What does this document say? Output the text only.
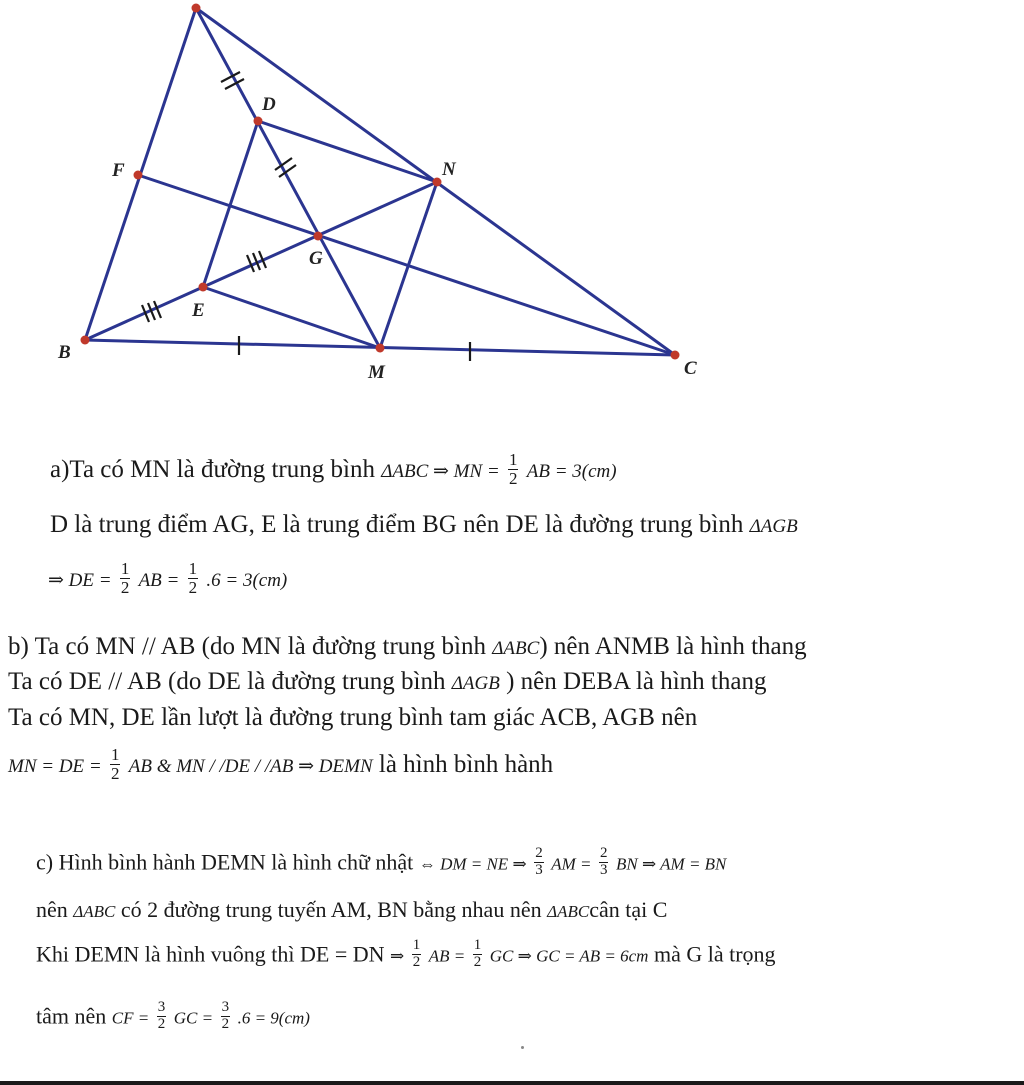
B
C
D
E
F
G
M
N
a)Ta có MN là đường trung bình ΔABC ⇒ MN = $\frac{1}{2}$ AB = 3(cm)
D là trung điểm AG, E là trung điểm BG nên DE là đường trung bình ΔAGB
⇒ DE = $\frac{1}{2}$ AB = $\frac{1}{2} .6 = 3(cm)$
b) Ta có MN // AB (do MN là đường trung bình ΔABC) nên ANMB là hình thang
Ta có DE // AB (do DE là đường trung bình ΔAGB ) nên DEBA là hình thang
Ta có MN, DE lần lượt là đường trung bình tam giác ACB, AGB nên
MN = DE = $\frac{1}{2}$ AB & MN / /DE / /AB ⇒ DEMN là hình bình hành
c) Hình bình hành DEMN là hình chữ nhật ⇔ DM = NE ⇒ $\frac{2}{3}$ AM = $\frac{2}{3}$ BN ⇒ AM = BN
nên ΔABC có 2 đường trung tuyến AM, BN bằng nhau nên ΔABCcân tại C
Khi DEMN là hình vuông thì DE = DN ⇒ $\frac{1}{2}$ AB = $\frac{1}{2}$ GC ⇒ GC = AB = 6cm mà G là trọng
tâm nên CF = $\frac{3}{2}$ GC = $\frac{3}{2} .6 = 9(cm)$
